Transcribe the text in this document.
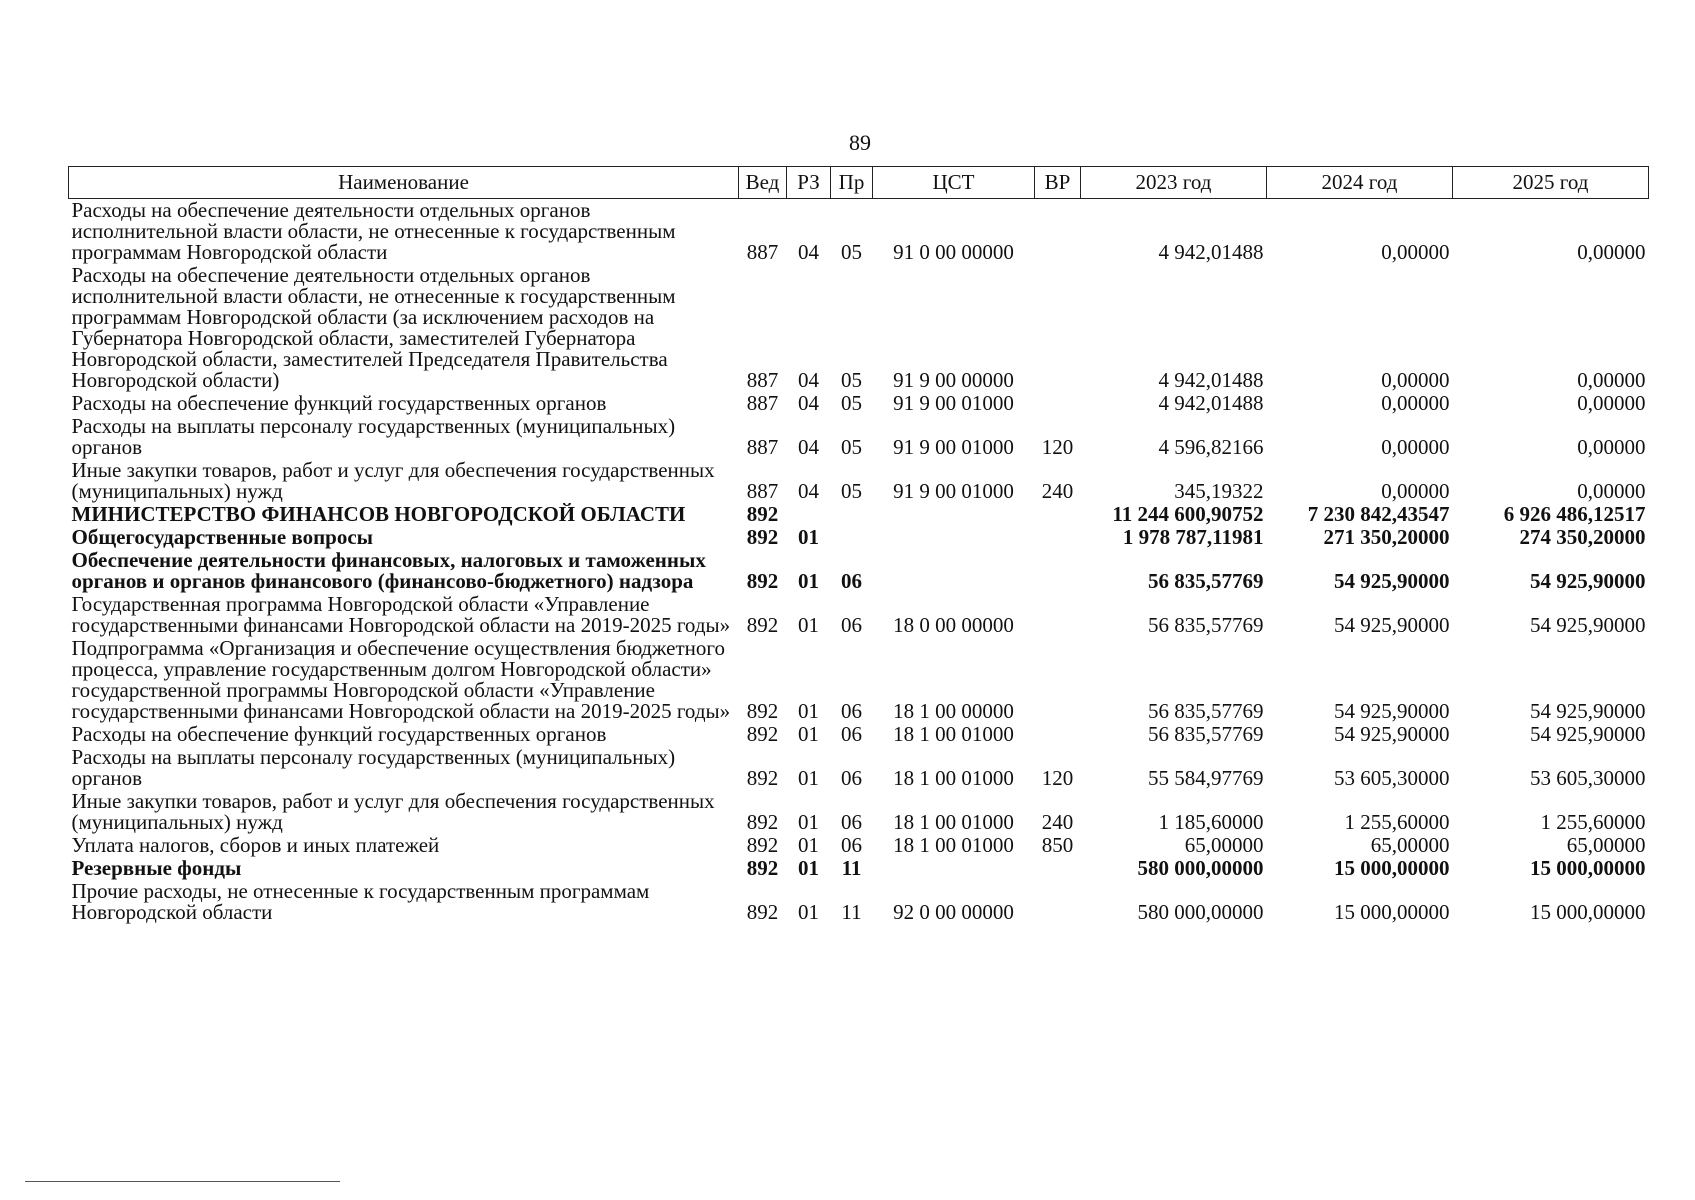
89
Наименование	Вед	РЗ	Пр	ЦСТ	ВР	2023 год	2024 год	2025 год
Расходы на обеспечение деятельности отдельных органов исполнительной власти области, не отнесенные к государственным программам Новгородской области	887	04	05	91 0 00 00000		4 942,01488	0,00000	0,00000
Расходы на обеспечение деятельности отдельных органов исполнительной власти области, не отнесенные к государственным программам Новгородской области (за исключением расходов на Губернатора Новгородской области, заместителей Губернатора Новгородской области, заместителей Председателя Правительства Новгородской области)	887	04	05	91 9 00 00000		4 942,01488	0,00000	0,00000
Расходы на обеспечение функций государственных органов	887	04	05	91 9 00 01000		4 942,01488	0,00000	0,00000
Расходы на выплаты персоналу государственных (муниципальных) органов	887	04	05	91 9 00 01000	120	4 596,82166	0,00000	0,00000
Иные закупки товаров, работ и услуг для обеспечения государственных (муниципальных) нужд	887	04	05	91 9 00 01000	240	345,19322	0,00000	0,00000
МИНИСТЕРСТВО ФИНАНСОВ НОВГОРОДСКОЙ ОБЛАСТИ	892					11 244 600,90752	7 230 842,43547	6 926 486,12517
Общегосударственные вопросы	892	01				1 978 787,11981	271 350,20000	274 350,20000
Обеспечение деятельности финансовых, налоговых и таможенных органов и органов финансового (финансово-бюджетного) надзора	892	01	06			56 835,57769	54 925,90000	54 925,90000
Государственная программа Новгородской области «Управление государственными финансами Новгородской области на 2019-2025 годы»	892	01	06	18 0 00 00000		56 835,57769	54 925,90000	54 925,90000
Подпрограмма «Организация и обеспечение осуществления бюджетного процесса, управление государственным долгом Новгородской области» государственной программы Новгородской области «Управление государственными финансами Новгородской области на 2019-2025 годы»	892	01	06	18 1 00 00000		56 835,57769	54 925,90000	54 925,90000
Расходы на обеспечение функций государственных органов	892	01	06	18 1 00 01000		56 835,57769	54 925,90000	54 925,90000
Расходы на выплаты персоналу государственных (муниципальных) органов	892	01	06	18 1 00 01000	120	55 584,97769	53 605,30000	53 605,30000
Иные закупки товаров, работ и услуг для обеспечения государственных (муниципальных) нужд	892	01	06	18 1 00 01000	240	1 185,60000	1 255,60000	1 255,60000
Уплата налогов, сборов и иных платежей	892	01	06	18 1 00 01000	850	65,00000	65,00000	65,00000
Резервные фонды	892	01	11			580 000,00000	15 000,00000	15 000,00000
Прочие расходы, не отнесенные к государственным программам Новгородской области	892	01	11	92 0 00 00000		580 000,00000	15 000,00000	15 000,00000
